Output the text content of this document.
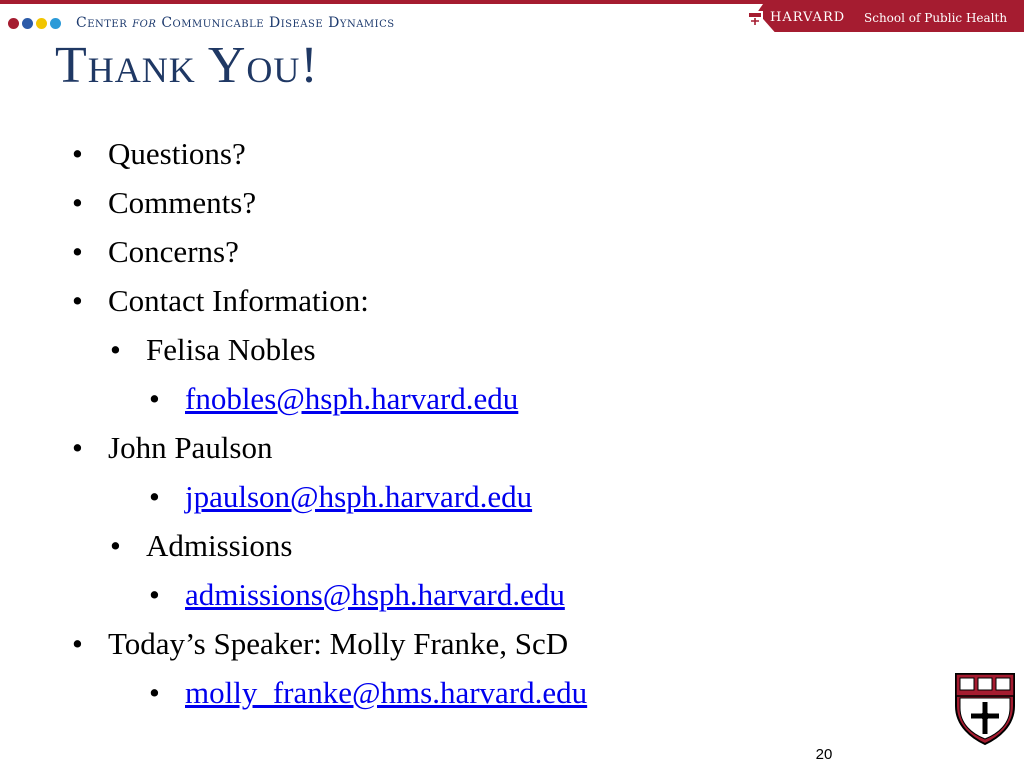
Center for Communicable Disease Dynamics	HARVARD School of Public Health
Thank You!
• Questions?
• Comments?
• Concerns?
• Contact Information:
• Felisa Nobles
• fnobles@hsph.harvard.edu
• John Paulson
• jpaulson@hsph.harvard.edu
• Admissions
• admissions@hsph.harvard.edu
• Today’s Speaker: Molly Franke, ScD
• molly_franke@hms.harvard.edu
20
